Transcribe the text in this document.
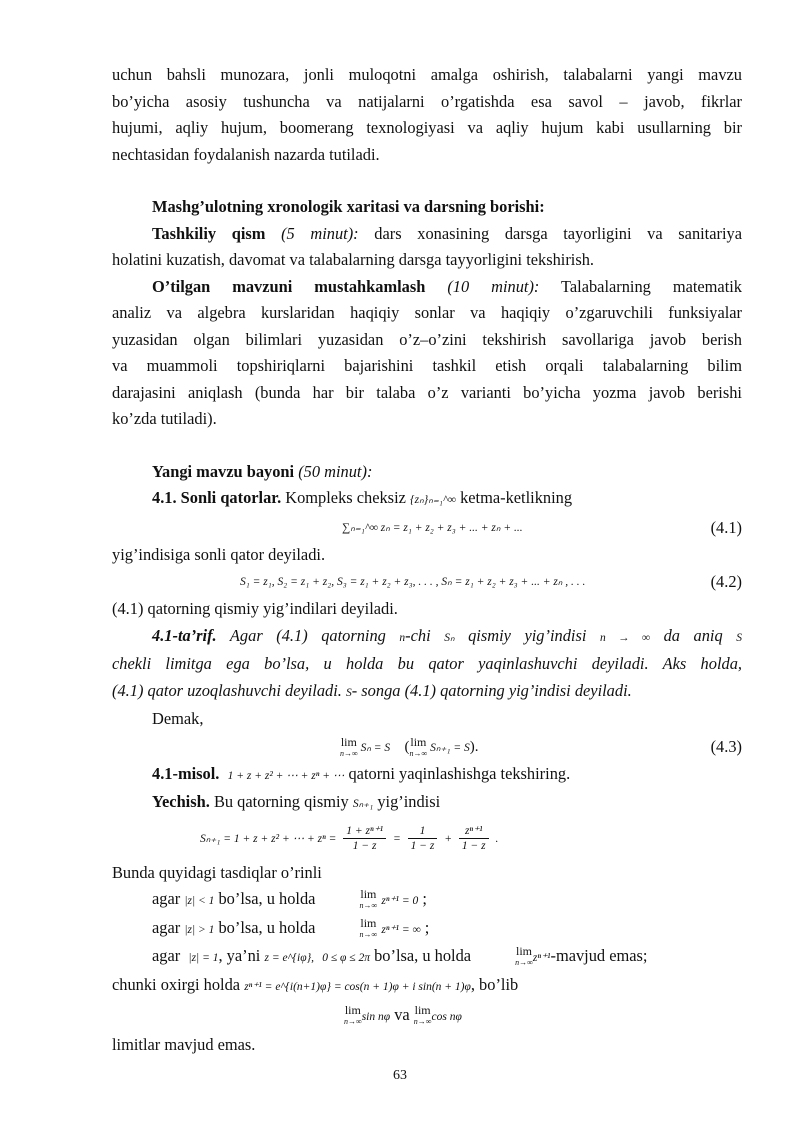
uchun bahsli munozara, jonli muloqotni amalga oshirish, talabalarni yangi mavzu

bo’yicha asosiy tushuncha va natijalarni o’rgatishda esa savol – javob, fikrlar

hujumi, aqliy hujum, boomerang texnologiyasi va aqliy hujum kabi usullarning bir

nechtasidan foydalanish nazarda tutiladi.

Mashg’ulotning xronologik xaritasi va darsning borishi:

Tashkiliy qism (5 minut): dars xonasining darsga tayorligini va sanitariya

holatini kuzatish, davomat va talabalarning darsga tayyorligini tekshirish.

O’tilgan mavzuni mustahkamlash (10 minut): Talabalarning matematik

analiz va algebra kurslaridan haqiqiy sonlar va haqiqiy o’zgaruvchili funksiyalar

yuzasidan olgan bilimlari yuzasidan o’z–o’zini tekshirish savollariga javob berish

va muammoli topshiriqlarni bajarishini tashkil etish orqali talabalarning bilim

darajasini aniqlash (bunda har bir talaba o’z varianti bo’yicha yozma javob berishi

ko’zda tutiladi).

Yangi mavzu bayoni (50 minut):

4.1. Sonli qatorlar. Kompleks cheksiz {zₙ}ₙ₌₁^∞ ketma-ketlikning

∑ₙ₌₁^∞ zₙ = z₁ + z₂ + z₃ + ... + zₙ + ...	(4.1)

yig’indisiga sonli qator deyiladi.

S₁ = z₁, S₂ = z₁ + z₂, S₃ = z₁ + z₂ + z₃, . . . , Sₙ = z₁ + z₂ + z₃ + ... + zₙ , . . .	(4.2)

(4.1) qatorning qismiy yig’indilari deyiladi.

4.1-ta’rif. Agar (4.1) qatorning n-chi Sₙ qismiy yig’indisi n → ∞ da aniq S

chekli limitga ega bo’lsa, u holda bu qator yaqinlashuvchi deyiladi. Aks holda,

(4.1) qator uzoqlashuvchi deyiladi. S- songa (4.1) qatorning yig’indisi deyiladi.

Demak,

lim
n→∞ Sₙ = S (lim
n→∞ Sₙ₊₁ = S).	(4.3)

4.1-misol. 1 + z + z² + ⋯ + zⁿ + ⋯ qatorni yaqinlashishga tekshiring.

Yechish. Bu qatorning qismiy Sₙ₊₁ yig’indisi

Sₙ₊₁ = 1 + z + z² + ⋯ + $z^n = \frac{\text{1 + zⁿ⁺¹}}{1 - z} = \frac{1}{1 - z} + \frac{\text{zⁿ⁺¹}}{1 - z}$ .

Bunda quyidagi tasdiqlar o’rinli

agar |z| < 1 bo’lsa, u holda	lim
n→∞ zⁿ⁺¹ = 0 ;

agar |z| > 1 bo’lsa, u holda	lim
n→∞ zⁿ⁺¹ = ∞ ;

agar  |z| = 1, ya’ni z = e^{iφ}, 0 ≤ φ ≤ 2π bo’lsa, u holda	lim
n→∞ zⁿ⁺¹-mavjud emas;

chunki oxirgi holda zⁿ⁺¹ = e^{i(n+1)φ} = cos(n + 1)φ + i sin(n + 1)φ, bo’lib

lim
n→∞ sin nφ va lim
n→∞ cos nφ

limitlar mavjud emas.

63
